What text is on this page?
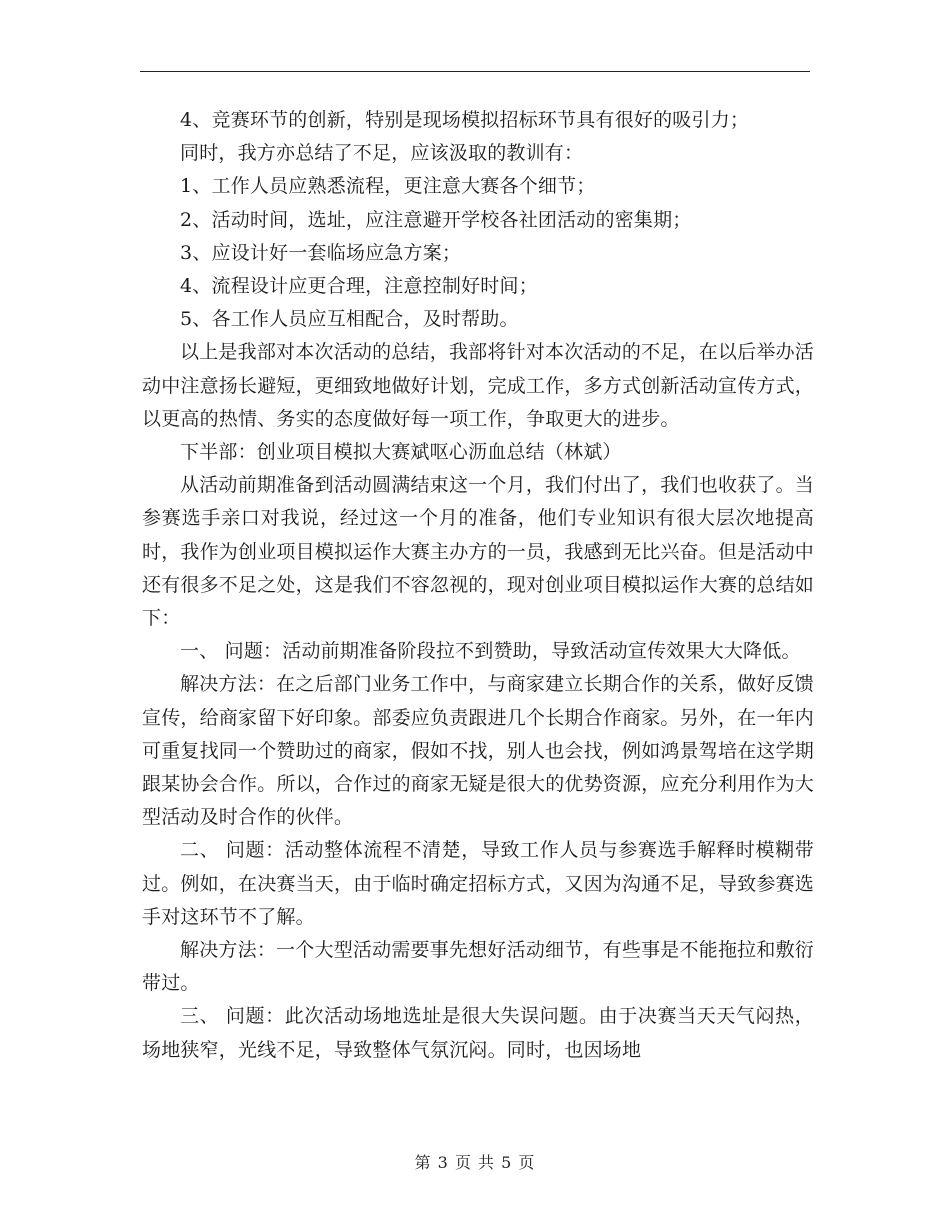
4、竞赛环节的创新，特别是现场模拟招标环节具有很好的吸引力；

同时，我方亦总结了不足，应该汲取的教训有：

1、工作人员应熟悉流程，更注意大赛各个细节；

2、活动时间，选址，应注意避开学校各社团活动的密集期；

3、应设计好一套临场应急方案；

4、流程设计应更合理，注意控制好时间；

5、各工作人员应互相配合，及时帮助。

以上是我部对本次活动的总结，我部将针对本次活动的不足，在以后举办活动中注意扬长避短，更细致地做好计划，完成工作，多方式创新活动宣传方式，以更高的热情、务实的态度做好每一项工作，争取更大的进步。

下半部：创业项目模拟大赛斌呕心沥血总结（林斌）

从活动前期准备到活动圆满结束这一个月，我们付出了，我们也收获了。当参赛选手亲口对我说，经过这一个月的准备，他们专业知识有很大层次地提高时，我作为创业项目模拟运作大赛主办方的一员，我感到无比兴奋。但是活动中还有很多不足之处，这是我们不容忽视的，现对创业项目模拟运作大赛的总结如下：

一、 问题：活动前期准备阶段拉不到赞助，导致活动宣传效果大大降低。

解决方法：在之后部门业务工作中，与商家建立长期合作的关系，做好反馈宣传，给商家留下好印象。部委应负责跟进几个长期合作商家。另外，在一年内可重复找同一个赞助过的商家，假如不找，别人也会找，例如鸿景驾培在这学期跟某协会合作。所以，合作过的商家无疑是很大的优势资源，应充分利用作为大型活动及时合作的伙伴。

二、 问题：活动整体流程不清楚，导致工作人员与参赛选手解释时模糊带过。例如，在决赛当天，由于临时确定招标方式，又因为沟通不足，导致参赛选手对这环节不了解。

解决方法：一个大型活动需要事先想好活动细节，有些事是不能拖拉和敷衍带过。

三、 问题：此次活动场地选址是很大失误问题。由于决赛当天天气闷热，场地狭窄，光线不足，导致整体气氛沉闷。同时，也因场地

第 3 页 共 5 页
